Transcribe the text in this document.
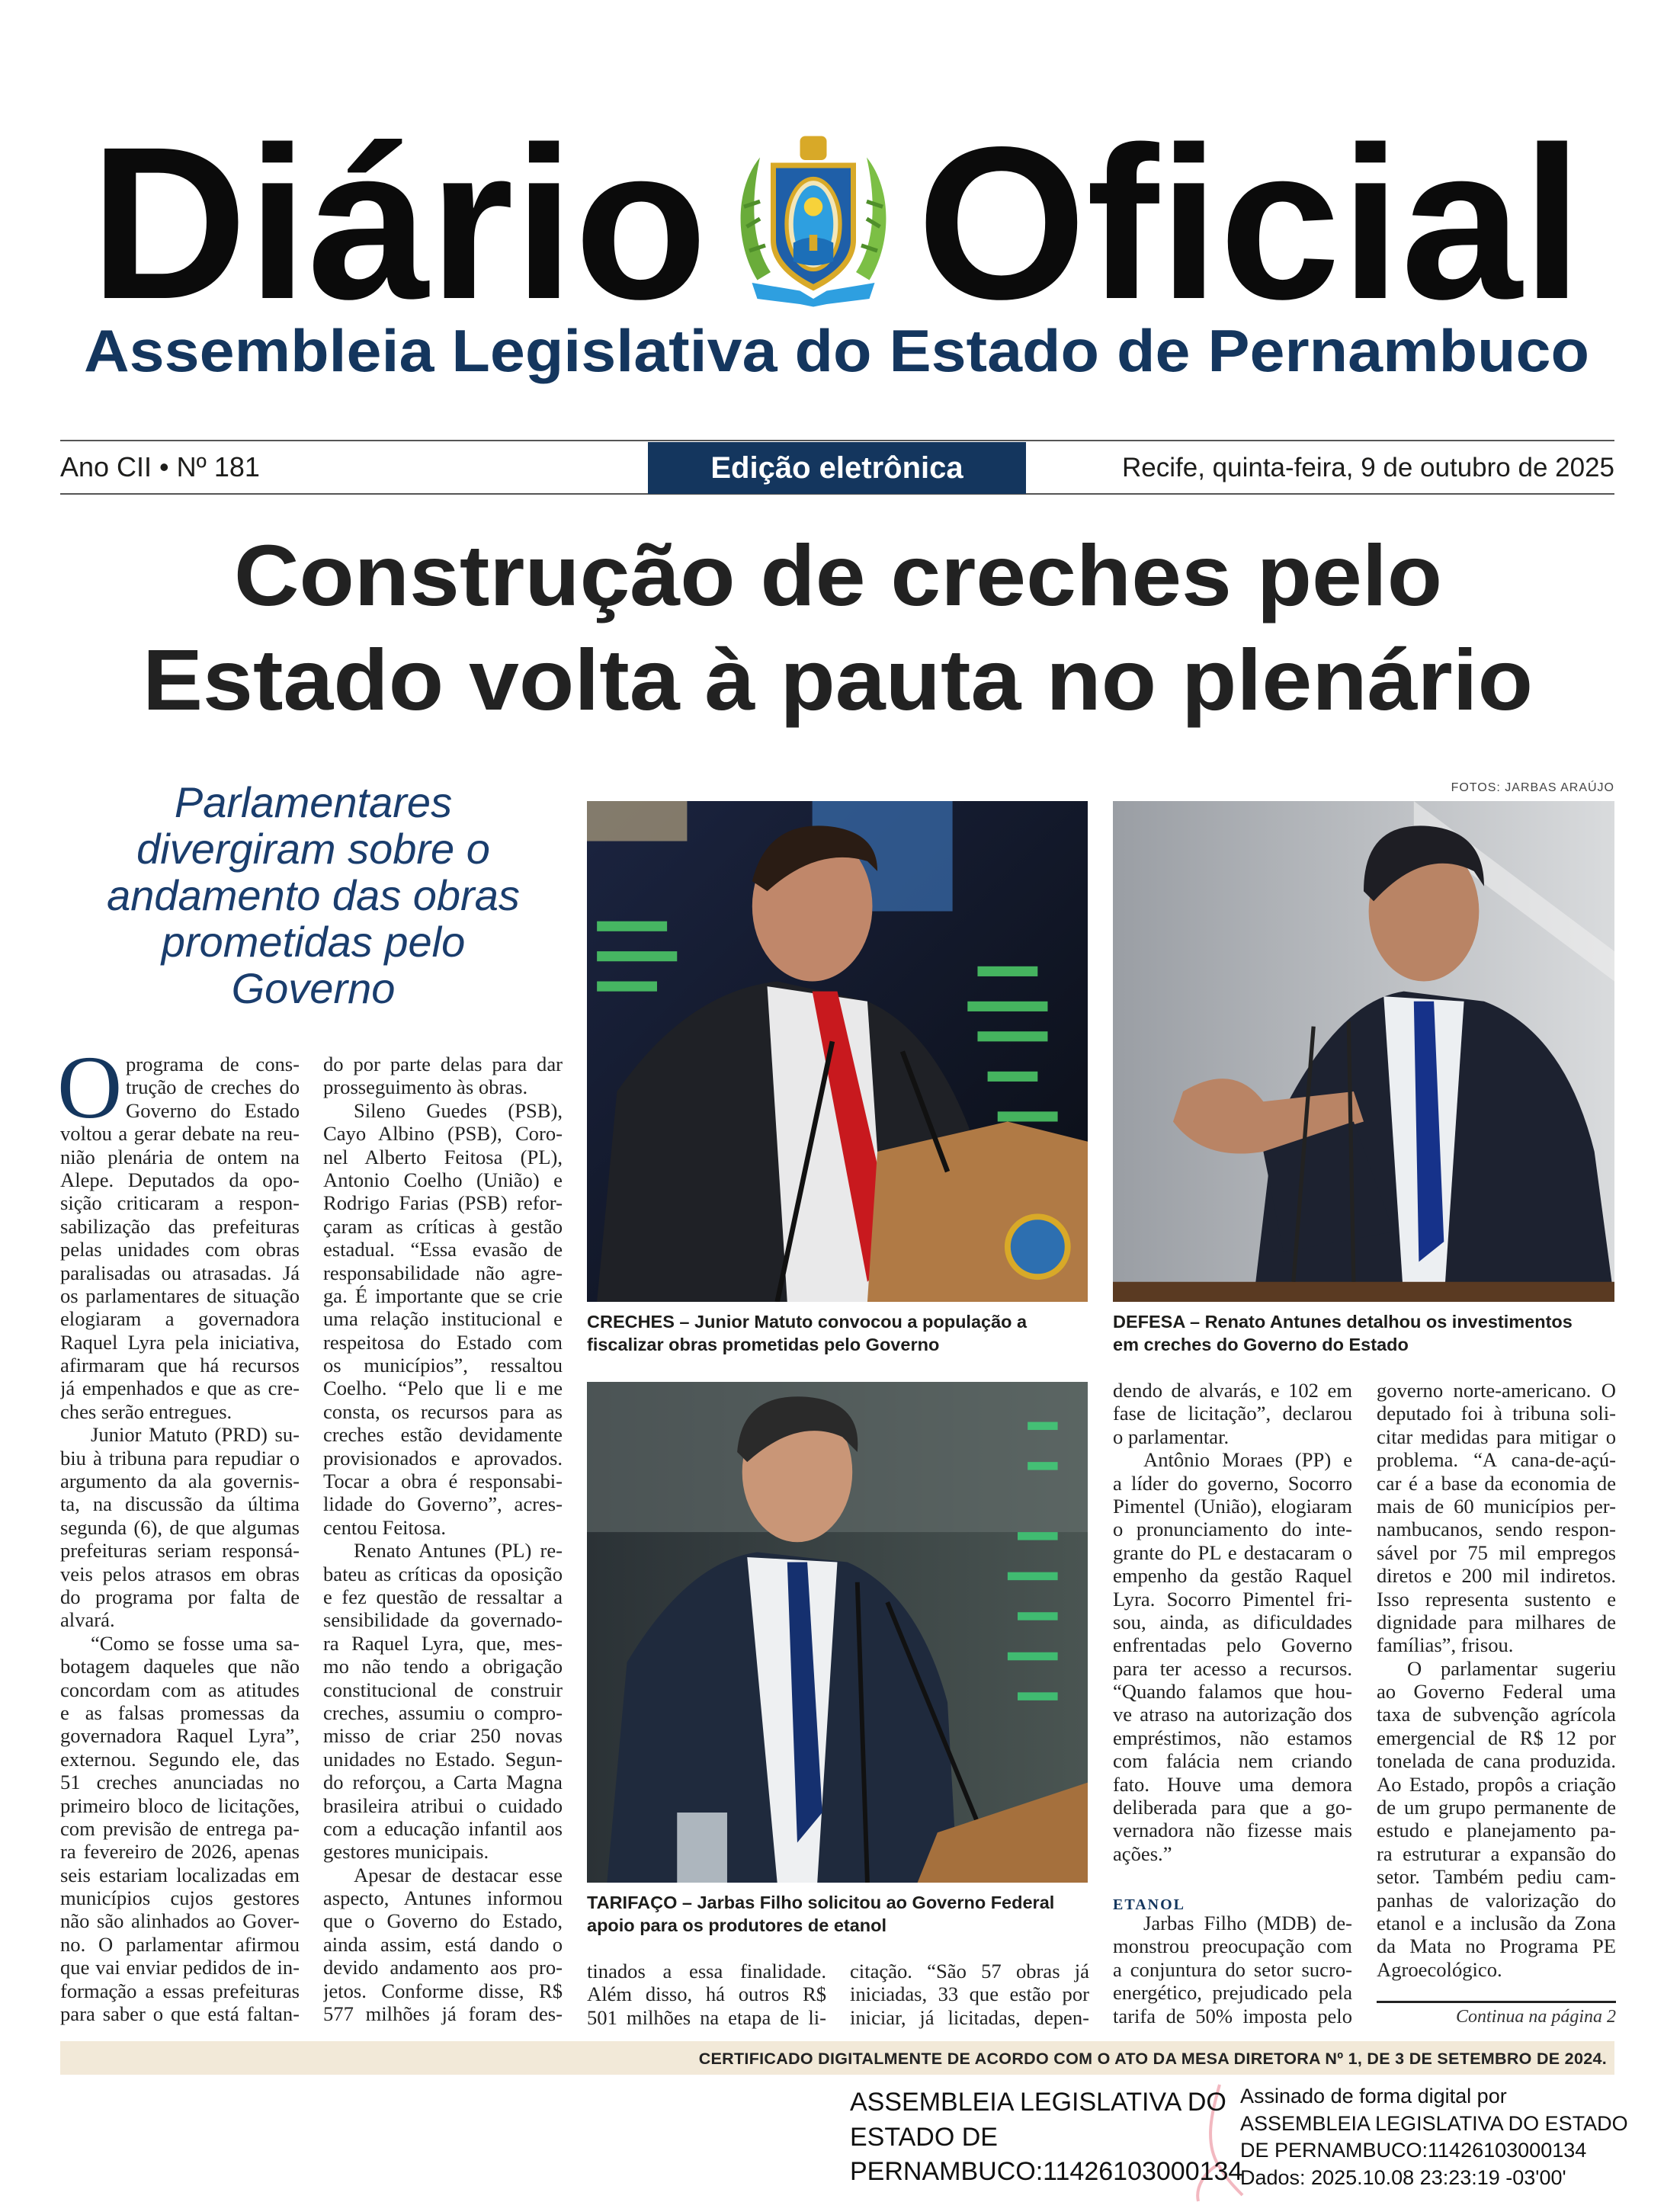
Diário Oficial
Assembleia Legislativa do Estado de Pernambuco
Ano CII • Nº 181	Edição eletrônica	Recife, quinta-feira, 9 de outubro de 2025
Construção de creches pelo
Estado volta à pauta no plenário
FOTOS: JARBAS ARAÚJO
Parlamentares
divergiram sobre o
andamento das obras
prometidas pelo
Governo
CRECHES – Junior Matuto convocou a população a
fiscalizar obras prometidas pelo Governo
DEFESA – Renato Antunes detalhou os investimentos
em creches do Governo do Estado
TARIFAÇO – Jarbas Filho solicitou ao Governo Federal
apoio para os produtores de etanol
O programa de cons-
trução de creches do
Governo do Estado
voltou a gerar debate na reu-
nião plenária de ontem na
Alepe. Deputados da opo-
sição criticaram a respon-
sabilização das prefeituras
pelas unidades com obras
paralisadas ou atrasadas. Já
os parlamentares de situação
elogiaram a governadora
Raquel Lyra pela iniciativa,
afirmaram que há recursos
já empenhados e que as cre-
ches serão entregues.
Junior Matuto (PRD) su-
biu à tribuna para repudiar o
argumento da ala governis-
ta, na discussão da última
segunda (6), de que algumas
prefeituras seriam responsá-
veis pelos atrasos em obras
do programa por falta de
alvará.
“Como se fosse uma sa-
botagem daqueles que não
concordam com as atitudes
e as falsas promessas da
governadora Raquel Lyra”,
externou. Segundo ele, das
51 creches anunciadas no
primeiro bloco de licitações,
com previsão de entrega pa-
ra fevereiro de 2026, apenas
seis estariam localizadas em
municípios cujos gestores
não são alinhados ao Gover-
no. O parlamentar afirmou
que vai enviar pedidos de in-
formação a essas prefeituras
para saber o que está faltan-
do por parte delas para dar
prosseguimento às obras.
Sileno Guedes (PSB),
Cayo Albino (PSB), Coro-
nel Alberto Feitosa (PL),
Antonio Coelho (União) e
Rodrigo Farias (PSB) refor-
çaram as críticas à gestão
estadual. “Essa evasão de
responsabilidade não agre-
ga. É importante que se crie
uma relação institucional e
respeitosa do Estado com
os municípios”, ressaltou
Coelho. “Pelo que li e me
consta, os recursos para as
creches estão devidamente
provisionados e aprovados.
Tocar a obra é responsabi-
lidade do Governo”, acres-
centou Feitosa.
Renato Antunes (PL) re-
bateu as críticas da oposição
e fez questão de ressaltar a
sensibilidade da governado-
ra Raquel Lyra, que, mes-
mo não tendo a obrigação
constitucional de construir
creches, assumiu o compro-
misso de criar 250 novas
unidades no Estado. Segun-
do reforçou, a Carta Magna
brasileira atribui o cuidado
com a educação infantil aos
gestores municipais.
Apesar de destacar esse
aspecto, Antunes informou
que o Governo do Estado,
ainda assim, está dando o
devido andamento aos pro-
jetos. Conforme disse, R$
577 milhões já foram des-
tinados a essa finalidade.
Além disso, há outros R$
501 milhões na etapa de li-
citação. “São 57 obras já
iniciadas, 33 que estão por
iniciar, já licitadas, depen-
dendo de alvarás, e 102 em
fase de licitação”, declarou
o parlamentar.
Antônio Moraes (PP) e
a líder do governo, Socorro
Pimentel (União), elogiaram
o pronunciamento do inte-
grante do PL e destacaram o
empenho da gestão Raquel
Lyra. Socorro Pimentel fri-
sou, ainda, as dificuldades
enfrentadas pelo Governo
para ter acesso a recursos.
“Quando falamos que hou-
ve atraso na autorização dos
empréstimos, não estamos
com falácia nem criando
fato. Houve uma demora
deliberada para que a go-
vernadora não fizesse mais
ações.”
ETANOL
Jarbas Filho (MDB) de-
monstrou preocupação com
a conjuntura do setor sucro-
energético, prejudicado pela
tarifa de 50% imposta pelo
governo norte-americano. O
deputado foi à tribuna soli-
citar medidas para mitigar o
problema. “A cana-de-açú-
car é a base da economia de
mais de 60 municípios per-
nambucanos, sendo respon-
sável por 75 mil empregos
diretos e 200 mil indiretos.
Isso representa sustento e
dignidade para milhares de
famílias”, frisou.
O parlamentar sugeriu
ao Governo Federal uma
taxa de subvenção agrícola
emergencial de R$ 12 por
tonelada de cana produzida.
Ao Estado, propôs a criação
de um grupo permanente de
estudo e planejamento pa-
ra estruturar a expansão do
setor. Também pediu cam-
panhas de valorização do
etanol e a inclusão da Zona
da Mata no Programa PE
Agroecológico.
Continua na página 2
CERTIFICADO DIGITALMENTE DE ACORDO COM O ATO DA MESA DIRETORA Nº 1, DE 3 DE SETEMBRO DE 2024.
ASSEMBLEIA LEGISLATIVA DO
ESTADO DE
PERNAMBUCO:11426103000134
Assinado de forma digital por
ASSEMBLEIA LEGISLATIVA DO ESTADO
DE PERNAMBUCO:11426103000134
Dados: 2025.10.08 23:23:19 -03'00'
